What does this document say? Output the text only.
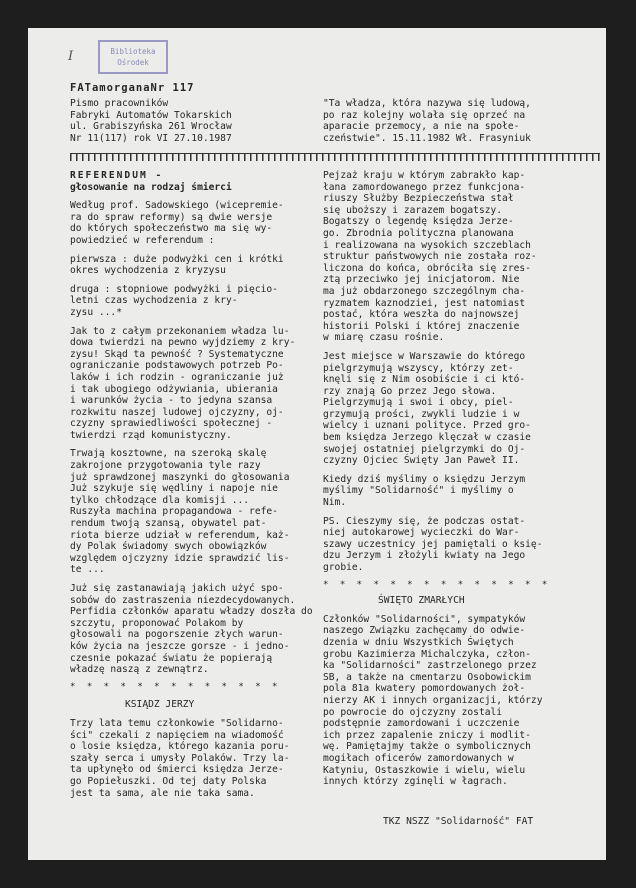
I	Biblioteka
Ośrodek
FATamorganaNr 117
Pismo pracowników
Fabryki Automatów Tokarskich
ul. Grabiszyńska 261 Wrocław
Nr 11(117) rok VI 27.10.1987
"Ta władza, która nazywa się ludową,
po raz kolejny wolała się oprzeć na
aparacie przemocy, a nie na społe-
czeństwie". 15.11.1982 Wł. Frasyniuk
REFERENDUM -
głosowanie na rodzaj śmierci
Według prof. Sadowskiego (wicepremie-
ra do spraw reformy) są dwie wersje
do których społeczeństwo ma się wy-
powiedzieć w referendum :
pierwsza : duże podwyżki cen i krótki
okres wychodzenia z kryzysu
druga : stopniowe podwyżki i pięcio-
letni czas wychodzenia z kry-
zysu ...*
Jak to z całym przekonaniem władza lu-
dowa twierdzi na pewno wyjdziemy z kry-
zysu! Skąd ta pewność ? Systematyczne
ograniczanie podstawowych potrzeb Po-
laków i ich rodzin - ograniczanie już
i tak ubogiego odżywiania, ubierania
i warunków życia - to jedyna szansa
rozkwitu naszej ludowej ojczyzny, oj-
czyzny sprawiedliwości społecznej -
twierdzi rząd komunistyczny.
Trwają kosztowne, na szeroką skalę
zakrojone przygotowania tyle razy
już sprawdzonej maszynki do głosowania
Już szykuje się wędliny i napoje nie
tylko chłodzące dla komisji ...
Ruszyła machina propagandowa - refe-
rendum twoją szansą, obywatel pat-
riota bierze udział w referendum, każ-
dy Polak świadomy swych obowiązków
względem ojczyzny idzie sprawdzić lis-
te ...
Już się zastanawiają jakich użyć spo-
sobów do zastraszenia niezdecydowanych.
Perfidia członków aparatu władzy doszła do szczytu, proponować Polakom by
głosowali na pogorszenie złych warun-
ków życia na jeszcze gorsze - i jedno-
czesnie pokazać światu że popierają
władzę naszą z zewnątrz.
* * * * * * * * * * * * *
KSIĄDZ JERZY
Trzy lata temu członkowie "Solidarno-
ści" czekali z napięciem na wiadomość
o losie księdza, którego kazania poru-
szały serca i umysły Polaków. Trzy la-
ta upłynęło od śmierci księdza Jerze-
go Popiełuszki. Od tej daty Polska
jest ta sama, ale nie taka sama.
Pejzaż kraju w którym zabrakło kap-
łana zamordowanego przez funkcjona-
riuszy Służby Bezpieczeństwa stał
się uboższy i zarazem bogatszy.
Bogatszy o legendę księdza Jerze-
go. Zbrodnia polityczna planowana
i realizowana na wysokich szczeblach
struktur państwowych nie została roz-
liczona do końca, obróciła się zres-
ztą przeciwko jej inicjatorom. Nie
ma już obdarzonego szczególnym cha-
ryzmatem kaznodziei, jest natomiast
postać, która weszła do najnowszej
historii Polski i której znaczenie
w miarę czasu rośnie.
Jest miejsce w Warszawie do którego
pielgrzymują wszyscy, którzy zet-
knęli się z Nim osobiście i ci któ-
rzy znają Go przez Jego słowa.
Pielgrzymują i swoi i obcy, piel-
grzymują prości, zwykli ludzie i w
wielcy i uznani polityce. Przed gro-
bem księdza Jerzego klęczał w czasie
swojej ostatniej pielgrzymki do Oj-
czyzny Ojciec Święty Jan Paweł II.
Kiedy dziś myślimy o księdzu Jerzym
myślimy "Solidarność" i myślimy o
Nim.
PS. Cieszymy się, że podczas ostat-
niej autokarowej wycieczki do War-
szawy uczestnicy jej pamiętali o księ-
dzu Jerzym i złożyli kwiaty na Jego
grobie.
* * * * * * * * * * * * * *
ŚWIĘTO ZMARŁYCH
Członków "Solidarności", sympatyków
naszego Związku zachęcamy do odwie-
dzenia w dniu Wszystkich Świętych
grobu Kazimierza Michalczyka, człon-
ka "Solidarności" zastrzelonego przez
SB, a także na cmentarzu Osobowickim
pola 81a kwatery pomordowanych żoł-
nierzy AK i innych organizacji, którzy
po powrocie do ojczyzny zostali
podstępnie zamordowani i uczczenie
ich przez zapalenie zniczy i modlit-
wę. Pamiętajmy także o symbolicznych
mogiłach oficerów zamordowanych w
Katyniu, Ostaszkowie i wielu, wielu
innych którzy zginęli w łagrach.
TKZ NSZZ "Solidarność" FAT
